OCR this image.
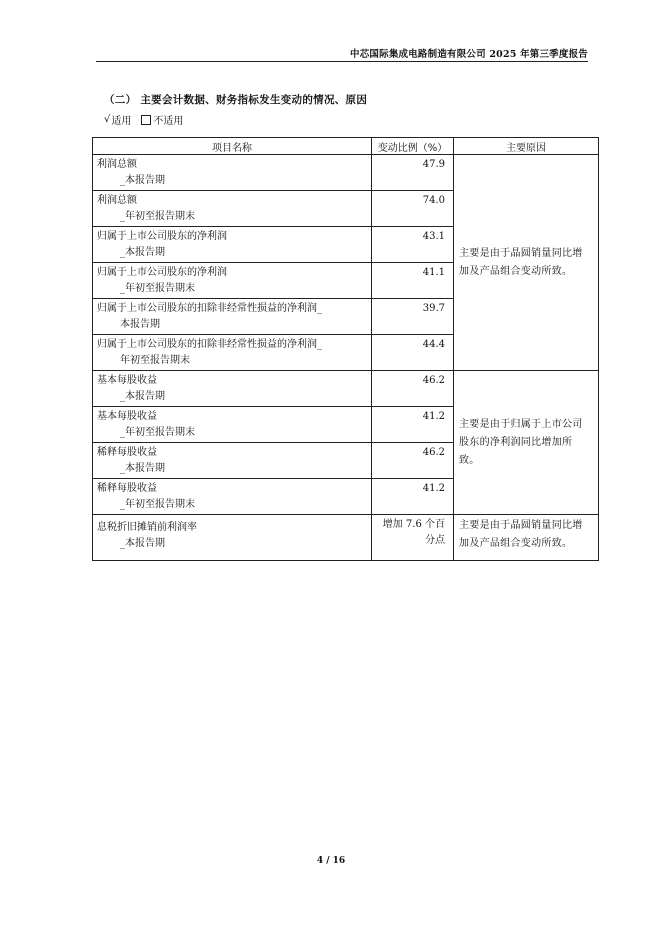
中芯国际集成电路制造有限公司 2025 年第三季度报告
（二） 主要会计数据、财务指标发生变动的情况、原因
√ 适用 不适用
项目名称	变动比例（%）	主要原因

利润总额
_本报告期	47.9	主要是由于晶圆销量同比增加及产品组合变动所致。

利润总额
_年初至报告期末	74.0	

归属于上市公司股东的净利润
_本报告期	43.1	

归属于上市公司股东的净利润
_年初至报告期末	41.1	

归属于上市公司股东的扣除非经常性损益的净利润_
本报告期	39.7	

归属于上市公司股东的扣除非经常性损益的净利润_
年初至报告期末	44.4	

基本每股收益
_本报告期	46.2	主要是由于归属于上市公司股东的净利润同比增加所致。

基本每股收益
_年初至报告期末	41.2	

稀释每股收益
_本报告期	46.2	

稀释每股收益
_年初至报告期末	41.2	

息税折旧摊销前利润率
_本报告期	增加 7.6 个百分点	主要是由于晶圆销量同比增加及产品组合变动所致。
4 / 16
